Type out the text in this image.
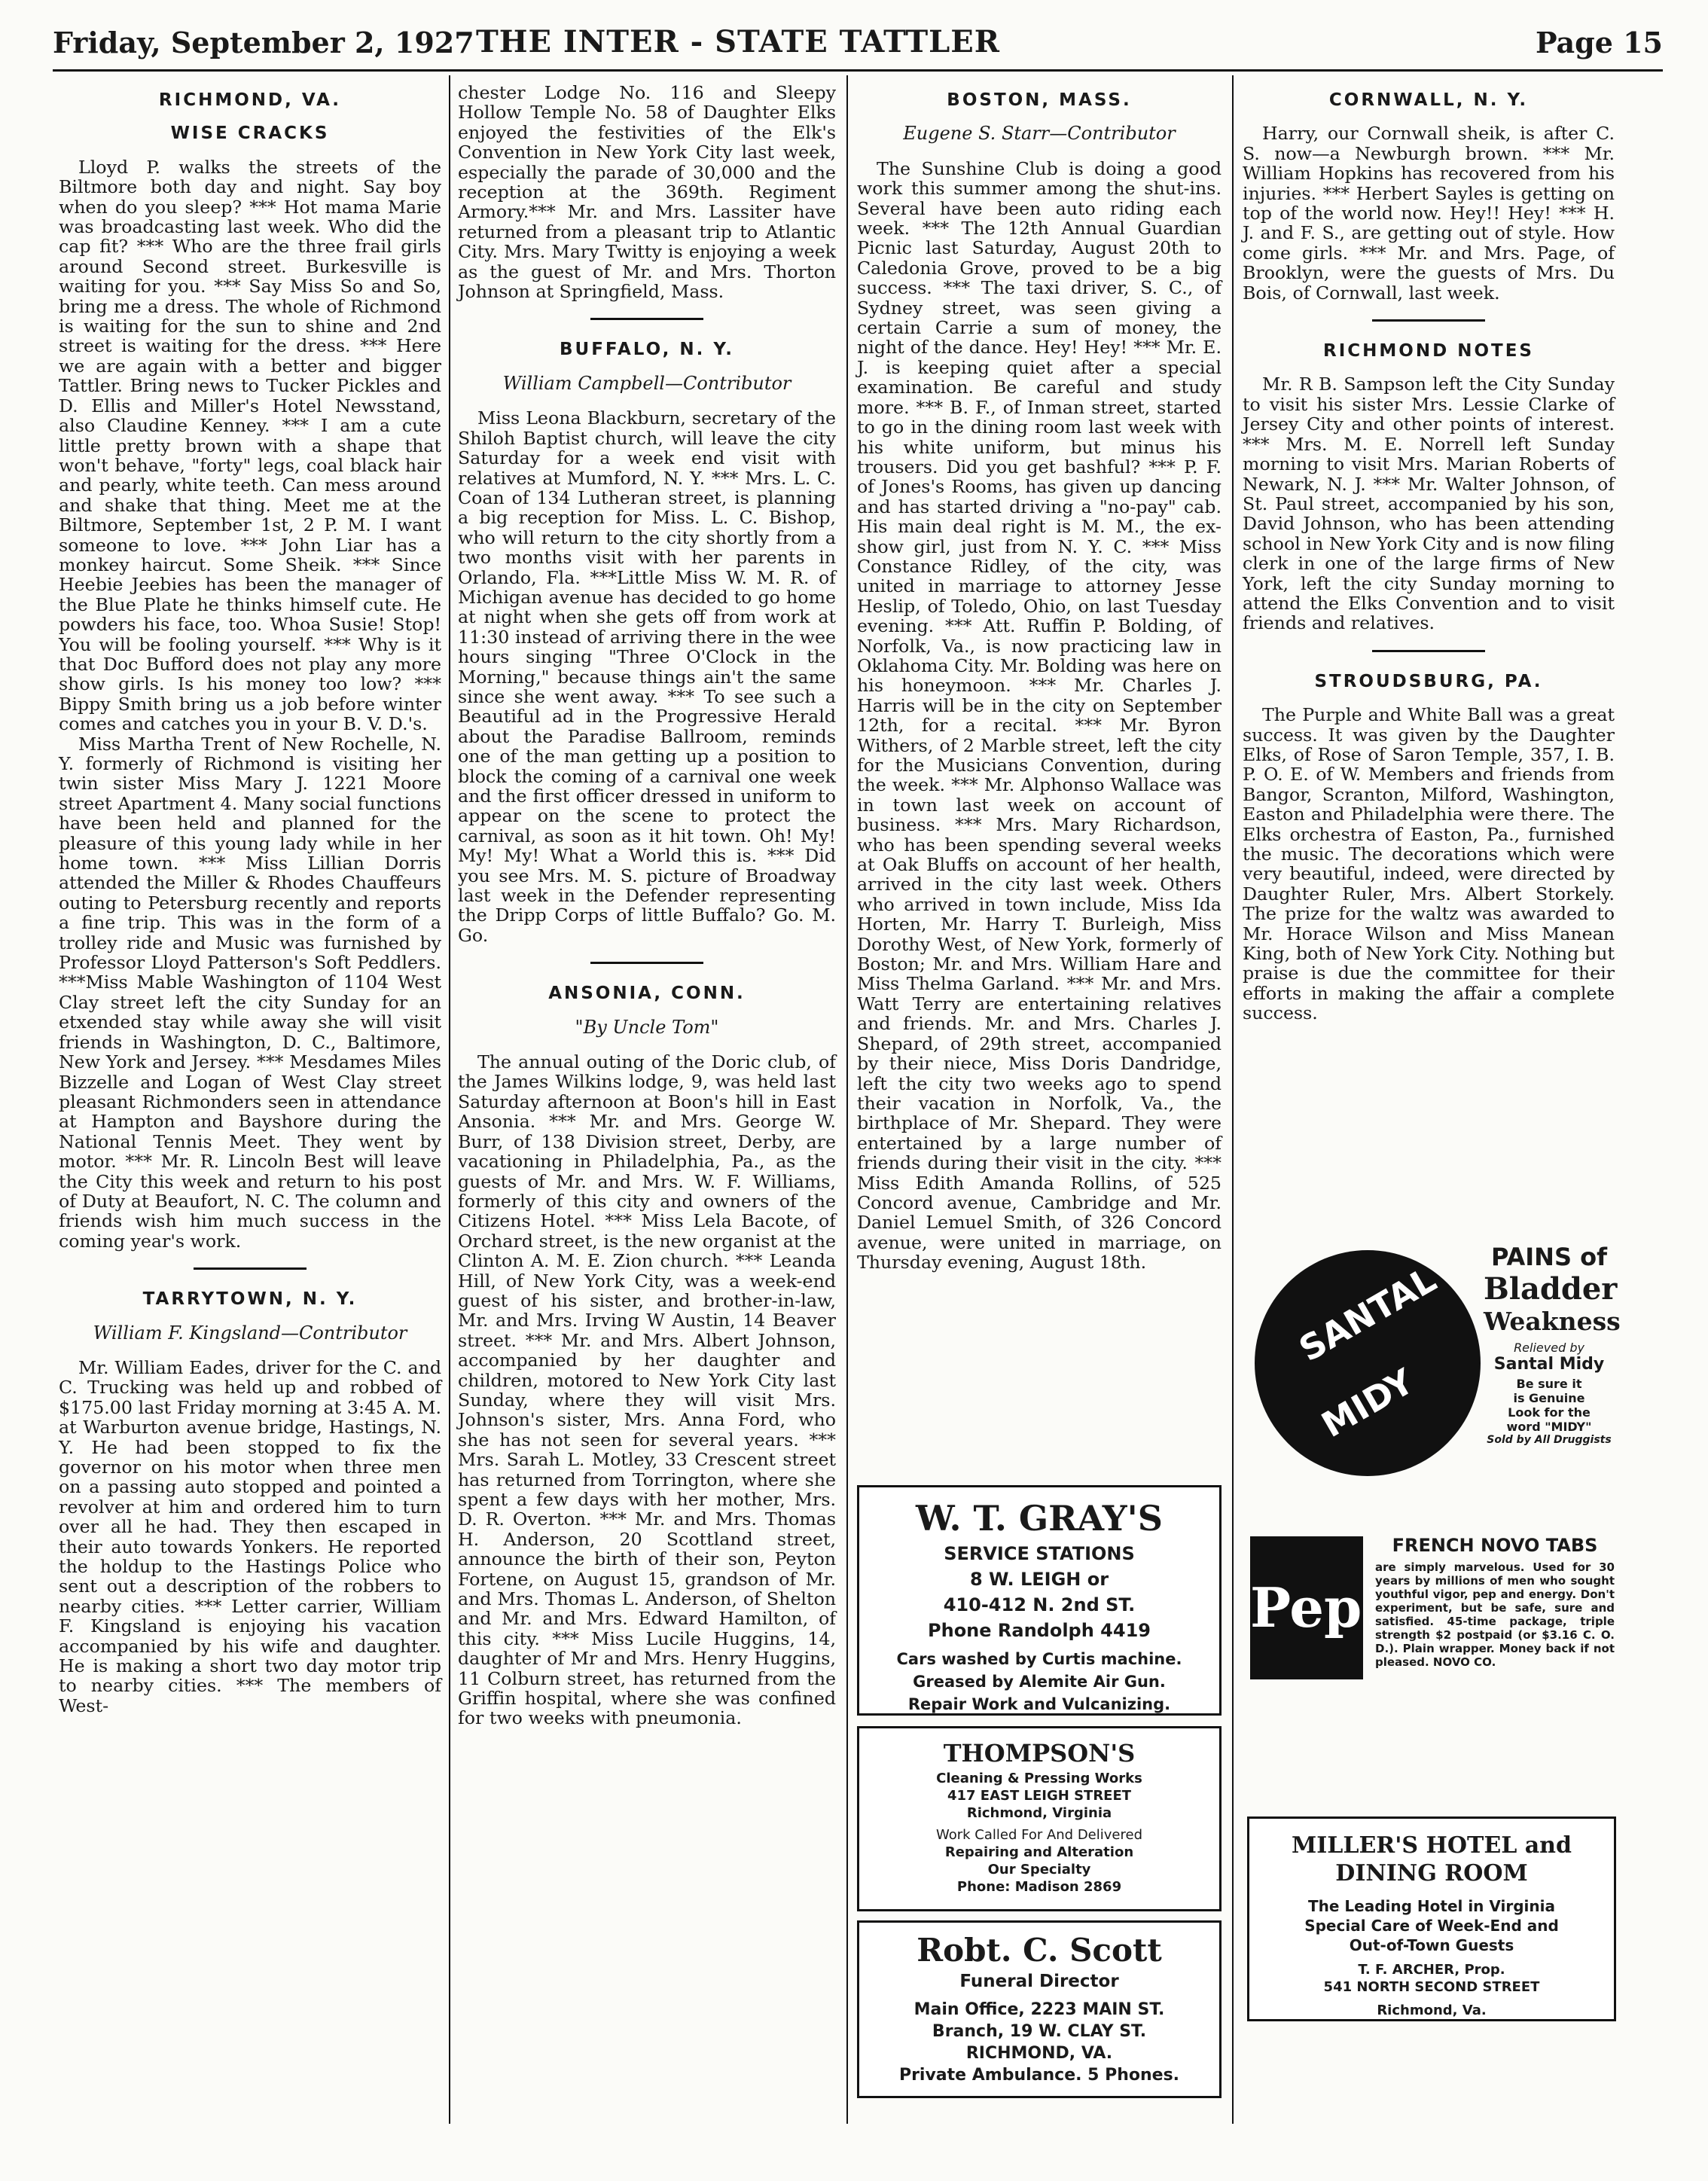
Friday, September 2, 1927 THE INTER - STATE TATTLER	Page 15
RICHMOND, VA.
WISE CRACKS

Lloyd P. walks the streets of the Biltmore both day and night. Say boy when do you sleep? *** Hot mama Marie was broadcasting last week. Who did the cap fit? *** Who are the three frail girls around Second street. Burkesville is waiting for you. *** Say Miss So and So, bring me a dress. The whole of Richmond is waiting for the sun to shine and 2nd street is waiting for the dress. *** Here we are again with a better and bigger Tattler. Bring news to Tucker Pickles and D. Ellis and Miller's Hotel Newsstand, also Claudine Kenney. *** I am a cute little pretty brown with a shape that won't behave, "forty" legs, coal black hair and pearly, white teeth. Can mess around and shake that thing. Meet me at the Biltmore, September 1st, 2 P. M. I want someone to love. *** John Liar has a monkey haircut. Some Sheik. *** Since Heebie Jeebies has been the manager of the Blue Plate he thinks himself cute. He powders his face, too. Whoa Susie! Stop! You will be fooling yourself. *** Why is it that Doc Bufford does not play any more show girls. Is his money too low? *** Bippy Smith bring us a job before winter comes and catches you in your B. V. D.'s.

Miss Martha Trent of New Rochelle, N. Y. formerly of Richmond is visiting her twin sister Miss Mary J. 1221 Moore street Apartment 4. Many social functions have been held and planned for the pleasure of this young lady while in her home town. *** Miss Lillian Dorris attended the Miller & Rhodes Chauffeurs outing to Petersburg recently and reports a fine trip. This was in the form of a trolley ride and Music was furnished by Professor Lloyd Patterson's Soft Peddlers. ***Miss Mable Washington of 1104 West Clay street left the city Sunday for an etxended stay while away she will visit friends in Washington, D. C., Baltimore, New York and Jersey. *** Mesdames Miles Bizzelle and Logan of West Clay street pleasant Richmonders seen in attendance at Hampton and Bayshore during the National Tennis Meet. They went by motor. *** Mr. R. Lincoln Best will leave the City this week and return to his post of Duty at Beaufort, N. C. The column and friends wish him much success in the coming year's work.

TARRYTOWN, N. Y.
William F. Kingsland—Contributor

Mr. William Eades, driver for the C. and C. Trucking was held up and robbed of $175.00 last Friday morning at 3:45 A. M. at Warburton avenue bridge, Hastings, N. Y. He had been stopped to fix the governor on his motor when three men on a passing auto stopped and pointed a revolver at him and ordered him to turn over all he had. They then escaped in their auto towards Yonkers. He reported the holdup to the Hastings Police who sent out a description of the robbers to nearby cities. *** Letter carrier, William F. Kingsland is enjoying his vacation accompanied by his wife and daughter. He is making a short two day motor trip to nearby cities. *** The members of West-

chester Lodge No. 116 and Sleepy Hollow Temple No. 58 of Daughter Elks enjoyed the festivities of the Elk's Convention in New York City last week, especially the parade of 30,000 and the reception at the 369th. Regiment Armory.*** Mr. and Mrs. Lassiter have returned from a pleasant trip to Atlantic City. Mrs. Mary Twitty is enjoying a week as the guest of Mr. and Mrs. Thorton Johnson at Springfield, Mass.

BUFFALO, N. Y.
William Campbell—Contributor

Miss Leona Blackburn, secretary of the Shiloh Baptist church, will leave the city Saturday for a week end visit with relatives at Mumford, N. Y. *** Mrs. L. C. Coan of 134 Lutheran street, is planning a big reception for Miss. L. C. Bishop, who will return to the city shortly from a two months visit with her parents in Orlando, Fla. ***Little Miss W. M. R. of Michigan avenue has decided to go home at night when she gets off from work at 11:30 instead of arriving there in the wee hours singing "Three O'Clock in the Morning," because things ain't the same since she went away. *** To see such a Beautiful ad in the Progressive Herald about the Paradise Ballroom, reminds one of the man getting up a position to block the coming of a carnival one week and the first officer dressed in uniform to appear on the scene to protect the carnival, as soon as it hit town. Oh! My! My! My! What a World this is. *** Did you see Mrs. M. S. picture of Broadway last week in the Defender representing the Dripp Corps of little Buffalo? Go. M. Go.

ANSONIA, CONN.
"By Uncle Tom"

The annual outing of the Doric club, of the James Wilkins lodge, 9, was held last Saturday afternoon at Boon's hill in East Ansonia. *** Mr. and Mrs. George W. Burr, of 138 Division street, Derby, are vacationing in Philadelphia, Pa., as the guests of Mr. and Mrs. W. F. Williams, formerly of this city and owners of the Citizens Hotel. *** Miss Lela Bacote, of Orchard street, is the new organist at the Clinton A. M. E. Zion church. *** Leanda Hill, of New York City, was a week-end guest of his sister, and brother-in-law, Mr. and Mrs. Irving W Austin, 14 Beaver street. *** Mr. and Mrs. Albert Johnson, accompanied by her daughter and children, motored to New York City last Sunday, where they will visit Mrs. Johnson's sister, Mrs. Anna Ford, who she has not seen for several years. *** Mrs. Sarah L. Motley, 33 Crescent street has returned from Torrington, where she spent a few days with her mother, Mrs. D. R. Overton. *** Mr. and Mrs. Thomas H. Anderson, 20 Scottland street, announce the birth of their son, Peyton Fortene, on August 15, grandson of Mr. and Mrs. Thomas L. Anderson, of Shelton and Mr. and Mrs. Edward Hamilton, of this city. *** Miss Lucile Huggins, 14, daughter of Mr and Mrs. Henry Huggins, 11 Colburn street, has returned from the Griffin hospital, where she was confined for two weeks with pneumonia.

BOSTON, MASS.
Eugene S. Starr—Contributor

The Sunshine Club is doing a good work this summer among the shut-ins. Several have been auto riding each week. *** The 12th Annual Guardian Picnic last Saturday, August 20th to Caledonia Grove, proved to be a big success. *** The taxi driver, S. C., of Sydney street, was seen giving a certain Carrie a sum of money, the night of the dance. Hey! Hey! *** Mr. E. J. is keeping quiet after a special examination. Be careful and study more. *** B. F., of Inman street, started to go in the dining room last week with his white uniform, but minus his trousers. Did you get bashful? *** P. F. of Jones's Rooms, has given up dancing and has started driving a "no-pay" cab. His main deal right is M. M., the ex-show girl, just from N. Y. C. *** Miss Constance Ridley, of the city, was united in marriage to attorney Jesse Heslip, of Toledo, Ohio, on last Tuesday evening. *** Att. Ruffin P. Bolding, of Norfolk, Va., is now practicing law in Oklahoma City. Mr. Bolding was here on his honeymoon. *** Mr. Charles J. Harris will be in the city on September 12th, for a recital. *** Mr. Byron Withers, of 2 Marble street, left the city for the Musicians Convention, during the week. *** Mr. Alphonso Wallace was in town last week on account of business. *** Mrs. Mary Richardson, who has been spending several weeks at Oak Bluffs on account of her health, arrived in the city last week. Others who arrived in town include, Miss Ida Horten, Mr. Harry T. Burleigh, Miss Dorothy West, of New York, formerly of Boston; Mr. and Mrs. William Hare and Miss Thelma Garland. *** Mr. and Mrs. Watt Terry are entertaining relatives and friends. Mr. and Mrs. Charles J. Shepard, of 29th street, accompanied by their niece, Miss Doris Dandridge, left the city two weeks ago to spend their vacation in Norfolk, Va., the birthplace of Mr. Shepard. They were entertained by a large number of friends during their visit in the city. *** Miss Edith Amanda Rollins, of 525 Concord avenue, Cambridge and Mr. Daniel Lemuel Smith, of 326 Concord avenue, were united in marriage, on Thursday evening, August 18th.

CORNWALL, N. Y.

Harry, our Cornwall sheik, is after C. S. now—a Newburgh brown. *** Mr. William Hopkins has recovered from his injuries. *** Herbert Sayles is getting on top of the world now. Hey!! Hey! *** H. J. and F. S., are getting out of style. How come girls. *** Mr. and Mrs. Page, of Brooklyn, were the guests of Mrs. Du Bois, of Cornwall, last week.

RICHMOND NOTES

Mr. R B. Sampson left the City Sunday to visit his sister Mrs. Lessie Clarke of Jersey City and other points of interest. *** Mrs. M. E. Norrell left Sunday morning to visit Mrs. Marian Roberts of Newark, N. J. *** Mr. Walter Johnson, of St. Paul street, accompanied by his son, David Johnson, who has been attending school in New York City and is now filing clerk in one of the large firms of New York, left the city Sunday morning to attend the Elks Convention and to visit friends and relatives.

STROUDSBURG, PA.

The Purple and White Ball was a great success. It was given by the Daughter Elks, of Rose of Saron Temple, 357, I. B. P. O. E. of W. Members and friends from Bangor, Scranton, Milford, Washington, Easton and Philadelphia were there. The Elks orchestra of Easton, Pa., furnished the music. The decorations which were very beautiful, indeed, were directed by Daughter Ruler, Mrs. Albert Storkely. The prize for the waltz was awarded to Mr. Horace Wilson and Miss Manean King, both of New York City. Nothing but praise is due the committee for their efforts in making the affair a complete success.

W. T. GRAY'S
SERVICE STATIONS
8 W. LEIGH or
410-412 N. 2nd ST.
Phone Randolph 4419
Cars washed by Curtis machine.
Greased by Alemite Air Gun.
Repair Work and Vulcanizing.
THOMPSON'S
Cleaning & Pressing Works
417 EAST LEIGH STREET
Richmond, Virginia
Work Called For And Delivered
Repairing and Alteration
Our Specialty
Phone: Madison 2869
Robt. C. Scott
Funeral Director
Main Office, 2223 MAIN ST.
Branch, 19 W. CLAY ST.
RICHMOND, VA.
Private Ambulance. 5 Phones.
SANTAL
MIDY
PAINS of
Bladder
Weakness
Relieved by
Santal Midy
Be sure it
is Genuine
Look for the
word "MIDY"
Sold by All Druggists
Pep!
FRENCH NOVO TABS
are simply marvelous. Used for 30 years by millions of men who sought youthful vigor, pep and energy. Don't experiment, but be safe, sure and satisfied. 45-time package, triple strength $2 postpaid (or $3.16 C. O. D.). Plain wrapper. Money back if not pleased. NOVO CO.
MILLER'S HOTEL and
DINING ROOM
The Leading Hotel in Virginia
Special Care of Week-End and
Out-of-Town Guests
T. F. ARCHER, Prop.
541 NORTH SECOND STREET
Richmond, Va.
